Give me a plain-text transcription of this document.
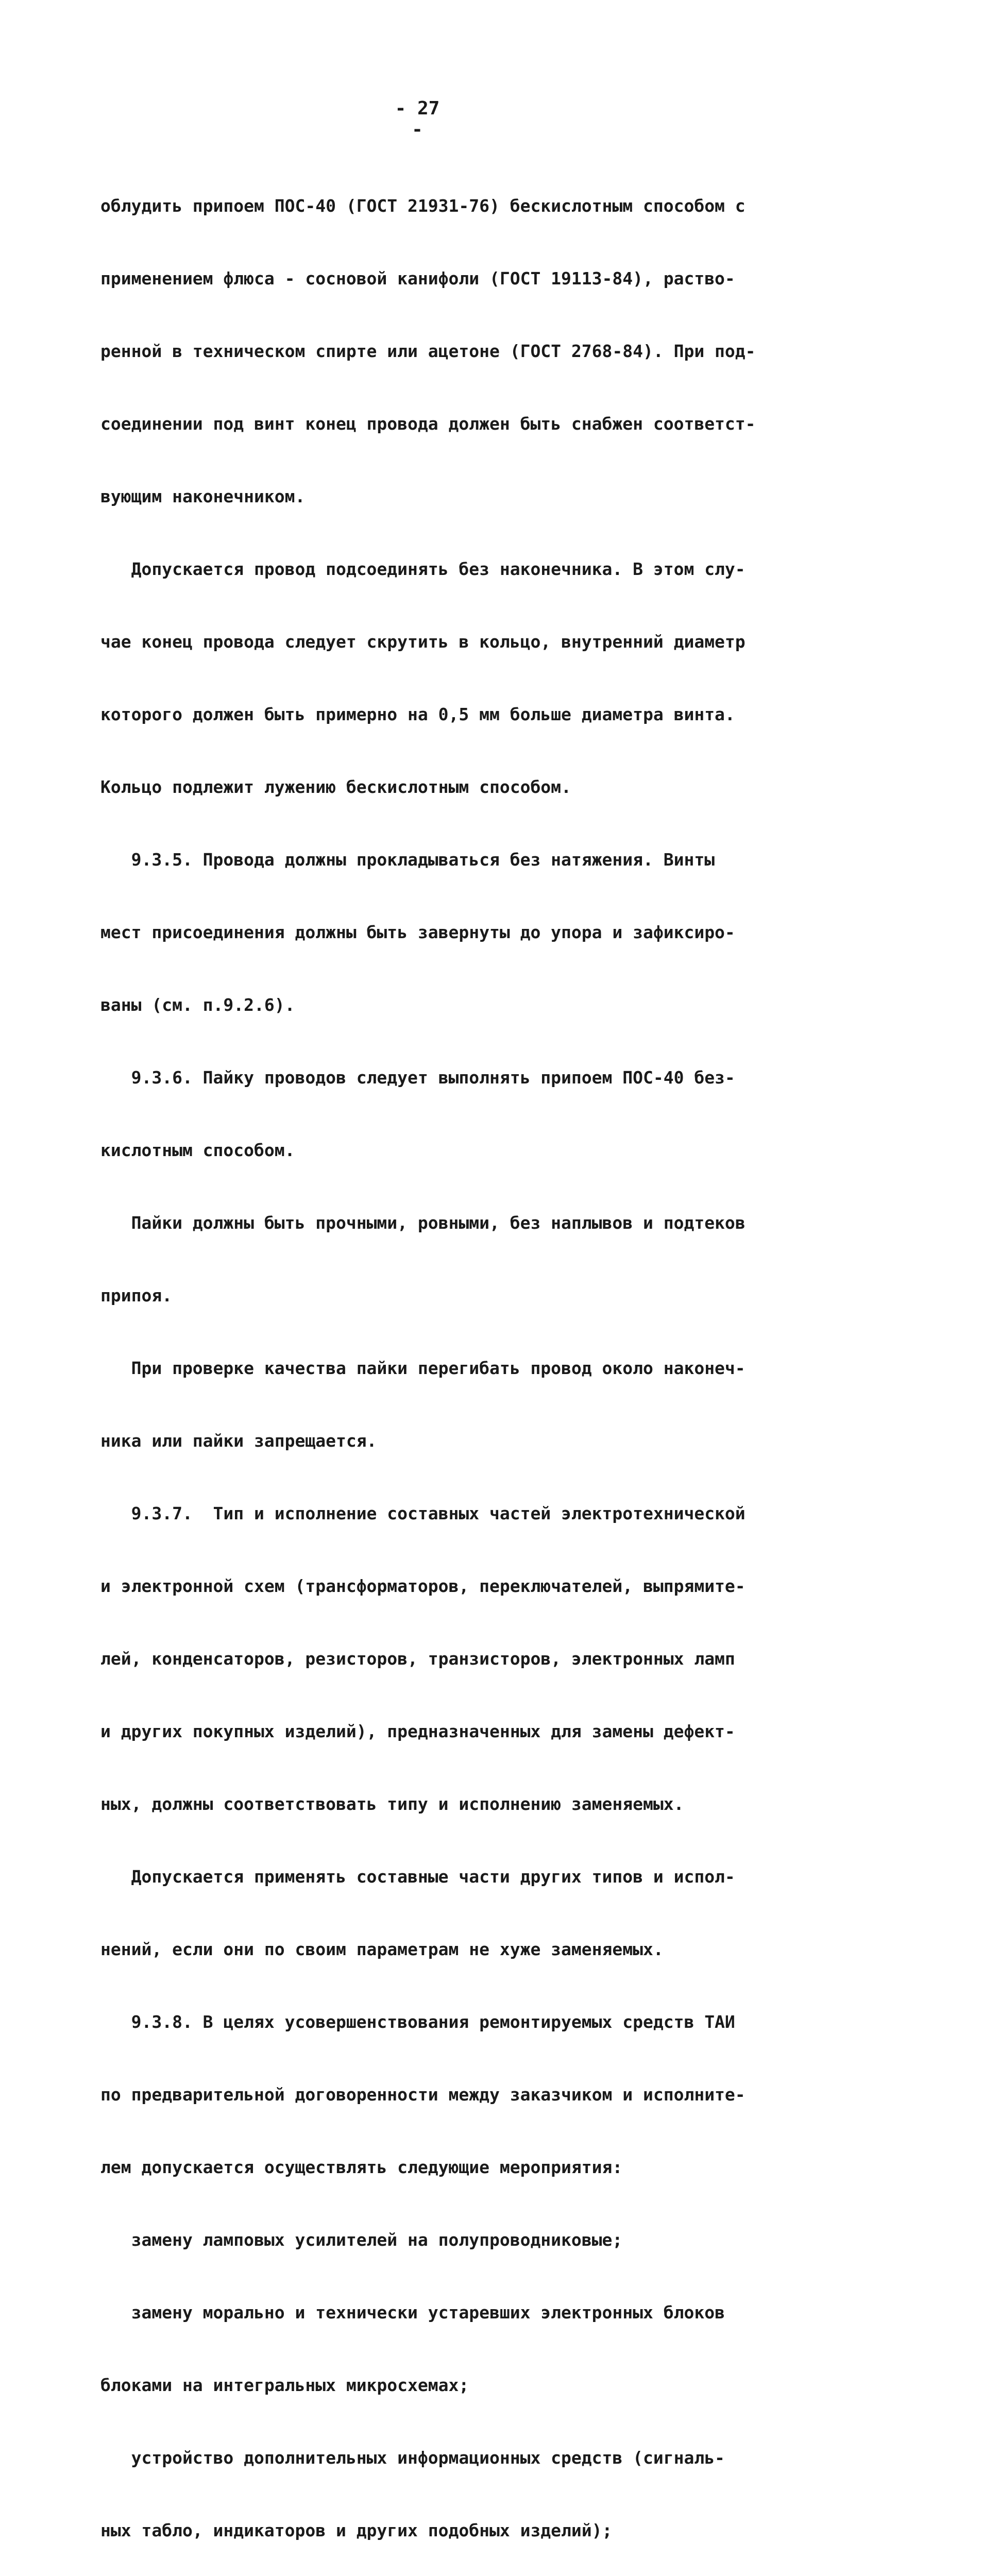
- 27 -

облудить припоем ПОС-40 (ГОСТ 21931-76) бескислотным способом с

применением флюса - сосновой канифоли (ГОСТ 19113-84), раство-

ренной в техническом спирте или ацетоне (ГОСТ 2768-84). При под-

соединении под винт конец провода должен быть снабжен соответст-

вующим наконечником.

Допускается провод подсоединять без наконечника. В этом слу-

чае конец провода следует скрутить в кольцо, внутренний диаметр

которого должен быть примерно на 0,5 мм больше диаметра винта.

Кольцо подлежит лужению бескислотным способом.

9.3.5. Провода должны прокладываться без натяжения. Винты

мест присоединения должны быть завернуты до упора и зафиксиро-

ваны (см. п.9.2.6).

9.3.6. Пайку проводов следует выполнять припоем ПОС-40 без-

кислотным способом.

Пайки должны быть прочными, ровными, без наплывов и подтеков

припоя.

При проверке качества пайки перегибать провод около наконеч-

ника или пайки запрещается.

9.3.7.  Тип и исполнение составных частей электротехнической

и электронной схем (трансформаторов, переключателей, выпрямите-

лей, конденсаторов, резисторов, транзисторов, электронных ламп

и других покупных изделий), предназначенных для замены дефект-

ных, должны соответствовать типу и исполнению заменяемых.

Допускается применять составные части других типов и испол-

нений, если они по своим параметрам не хуже заменяемых.

9.3.8. В целях усовершенствования ремонтируемых средств ТАИ

по предварительной договоренности между заказчиком и исполните-

лем допускается осуществлять следующие мероприятия:

замену ламповых усилителей на полупроводниковые;

замену морально и технически устаревших электронных блоков

блоками на интегральных микросхемах;

устройство дополнительных информационных средств (сигналь-

ных табло, индикаторов и других подобных изделий);
